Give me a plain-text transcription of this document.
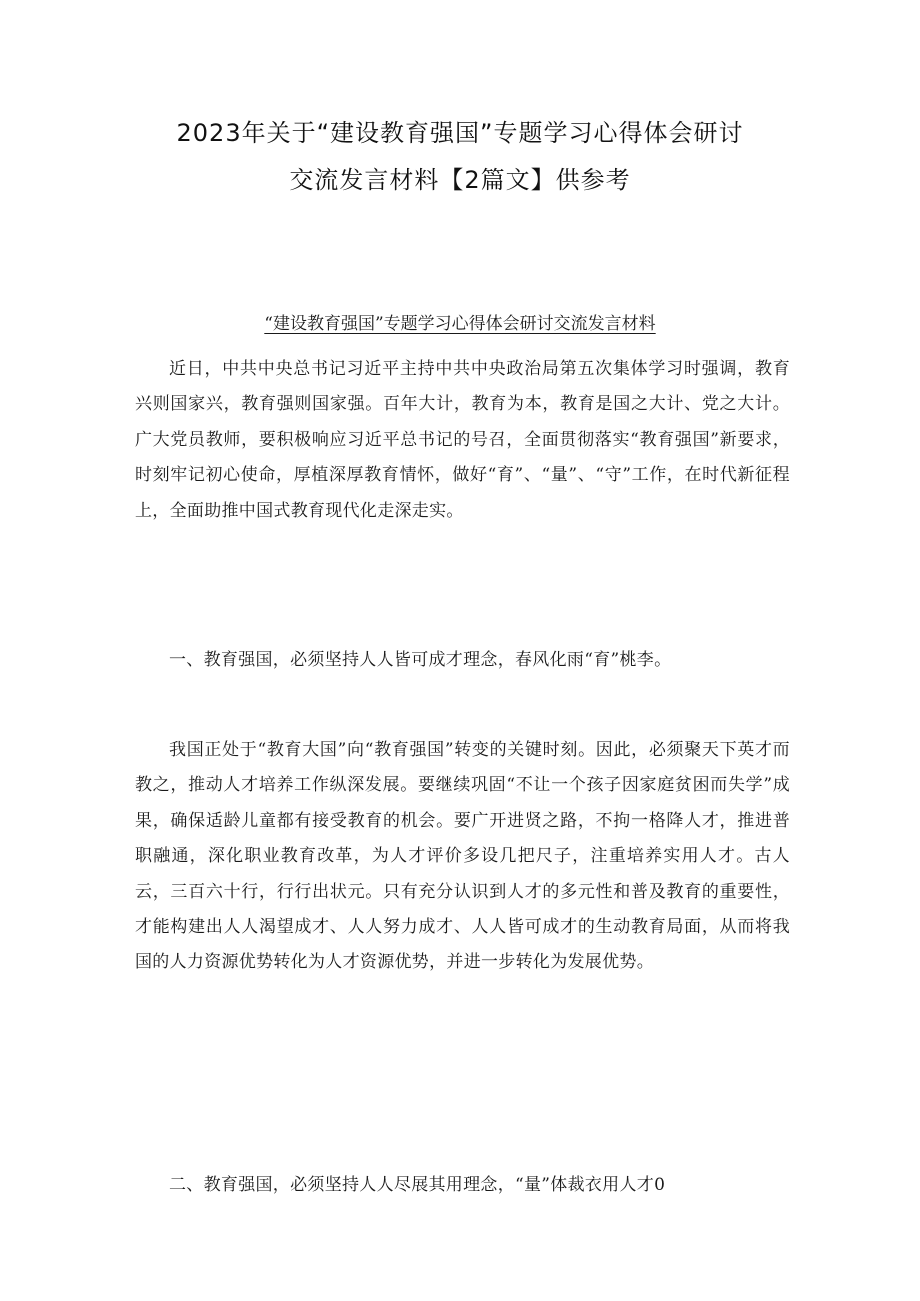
2023年关于“建设教育强国”专题学习心得体会研讨
交流发言材料【2篇文】供参考
“建设教育强国”专题学习心得体会研讨交流发言材料

近日，中共中央总书记习近平主持中共中央政治局第五次集体学习时强调，教育兴则国家兴，教育强则国家强。百年大计，教育为本，教育是国之大计、党之大计。广大党员教师，要积极响应习近平总书记的号召，全面贯彻落实“教育强国”新要求，时刻牢记初心使命，厚植深厚教育情怀，做好“育”、“量”、“守”工作，在时代新征程上，全面助推中国式教育现代化走深走实。

一、教育强国，必须坚持人人皆可成才理念，春风化雨“育”桃李。

我国正处于“教育大国”向“教育强国”转变的关键时刻。因此，必须聚天下英才而教之，推动人才培养工作纵深发展。要继续巩固“不让一个孩子因家庭贫困而失学”成果，确保适龄儿童都有接受教育的机会。要广开进贤之路，不拘一格降人才，推进普职融通，深化职业教育改革，为人才评价多设几把尺子，注重培养实用人才。古人云，三百六十行，行行出状元。只有充分认识到人才的多元性和普及教育的重要性，才能构建出人人渴望成才、人人努力成才、人人皆可成才的生动教育局面，从而将我国的人力资源优势转化为人才资源优势，并进一步转化为发展优势。

二、教育强国，必须坚持人人尽展其用理念，“量”体裁衣用人才0
